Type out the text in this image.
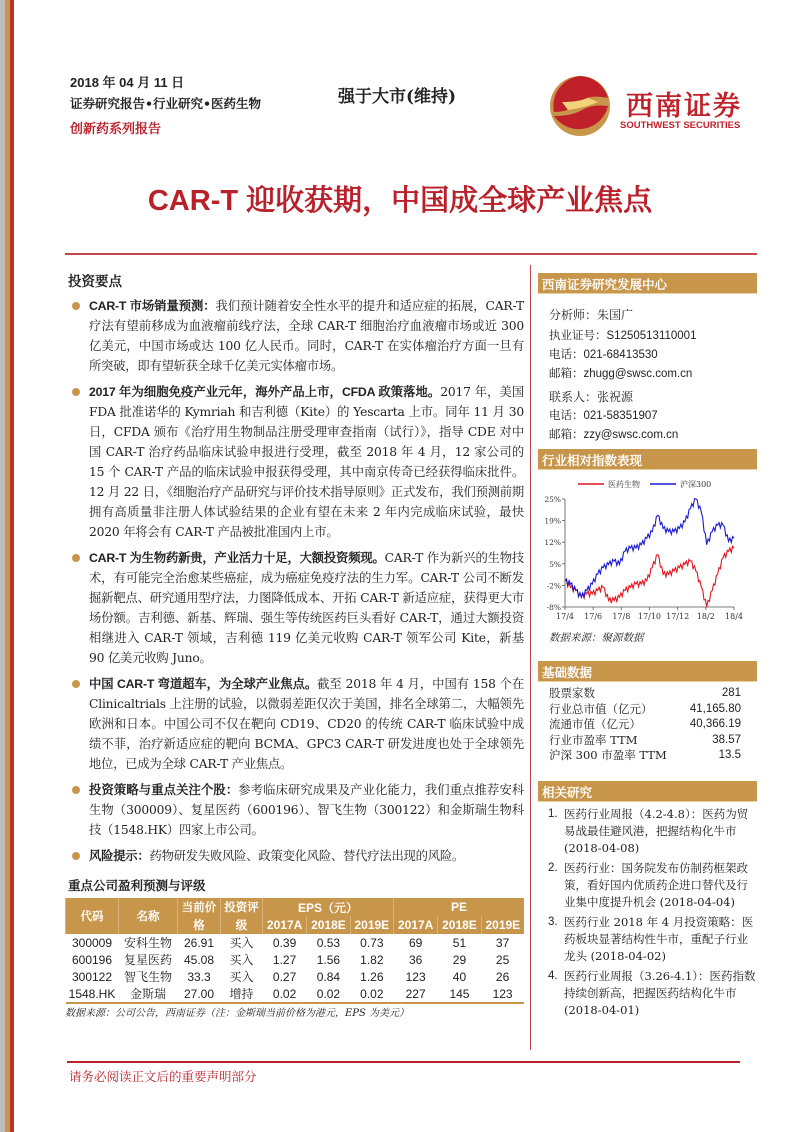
2018 年 04 月 11 日
证券研究报告•行业研究•医药生物
创新药系列报告
强于大市(维持)	西南证券
SOUTHWEST SECURITIES
CAR-T 迎收获期，中国成全球产业焦点
投资要点
CAR-T 市场销量预测：我们预计随着安全性水平的提升和适应症的拓展，CAR-T 疗法有望前移成为血液瘤前线疗法，全球 CAR-T 细胞治疗血液瘤市场或近 300 亿美元，中国市场或达 100 亿人民币。同时，CAR-T 在实体瘤治疗方面一旦有所突破，即有望斩获全球千亿美元实体瘤市场。
2017 年为细胞免疫产业元年，海外产品上市，CFDA 政策落地。2017 年，美国 FDA 批准诺华的 Kymriah 和吉利德（Kite）的 Yescarta 上市。同年 11 月 30 日，CFDA 颁布《治疗用生物制品注册受理审查指南（试行）》，指导 CDE 对中国 CAR-T 治疗药品临床试验申报进行受理，截至 2018 年 4 月，12 家公司的 15 个 CAR-T 产品的临床试验申报获得受理，其中南京传奇已经获得临床批件。12 月 22 日，《细胞治疗产品研究与评价技术指导原则》正式发布，我们预测前期拥有高质量非注册人体试验结果的企业有望在未来 2 年内完成临床试验，最快 2020 年将会有 CAR-T 产品被批准国内上市。
CAR-T 为生物药新贵，产业活力十足，大额投资频现。CAR-T 作为新兴的生物技术，有可能完全治愈某些癌症，成为癌症免疫疗法的生力军。CAR-T 公司不断发掘新靶点、研究通用型疗法，力图降低成本、开拓 CAR-T 新适应症，获得更大市场份额。吉利德、新基、辉瑞、强生等传统医药巨头看好 CAR-T，通过大额投资相继进入 CAR-T 领域，吉利德 119 亿美元收购 CAR-T 领军公司 Kite，新基 90 亿美元收购 Juno。
中国 CAR-T 弯道超车，为全球产业焦点。截至 2018 年 4 月，中国有 158 个在 Clinicaltrials 上注册的试验，以微弱差距仅次于美国，排名全球第二，大幅领先欧洲和日本。中国公司不仅在靶向 CD19、CD20 的传统 CAR-T 临床试验中成绩不菲，治疗新适应症的靶向 BCMA、GPC3 CAR-T 研发进度也处于全球领先地位，已成为全球 CAR-T 产业焦点。
投资策略与重点关注个股：参考临床研究成果及产业化能力，我们重点推荐安科生物（300009）、复星医药（600196）、智飞生物（300122）和金斯瑞生物科技（1548.HK）四家上市公司。
风险提示：药物研发失败风险、政策变化风险、替代疗法出现的风险。
重点公司盈利预测与评级
代码	名称	当前价格	投资评级	EPS（元）			PE		
				2017A	2018E	2019E	2017A	2018E	2019E
300009	安科生物	26.91	买入	0.39	0.53	0.73	69	51	37
600196	复星医药	45.08	买入	1.27	1.56	1.82	36	29	25
300122	智飞生物	33.3	买入	0.27	0.84	1.26	123	40	26
1548.HK	金斯瑞	27.00	增持	0.02	0.02	0.02	227	145	123
数据来源：公司公告，西南证券（注：金斯瑞当前价格为港元，EPS 为美元）
西南证券研究发展中心
分析师：朱国广
执业证号：S1250513110001
电话：021-68413530
邮箱：zhugg@swsc.com.cn
联系人：张祝源
电话：021-58351907
邮箱：zzy@swsc.com.cn
行业相对指数表现
25%
19%
12%
5%
-2%
-8%
17/4 17/6 17/8 17/10 17/12 18/2 18/4
医药生物	沪深300
数据来源：聚源数据
基础数据
股票家数	281
行业总市值（亿元）	41,165.80
流通市值（亿元）	40,366.19
行业市盈率 TTM	38.57
沪深 300 市盈率 TTM	13.5
相关研究
1. 医药行业周报（4.2-4.8）：医药为贸易战最佳避风港，把握结构化牛市 (2018-04-08)
2. 医药行业：国务院发布仿制药框架政策，看好国内优质药企进口替代及行业集中度提升机会 (2018-04-04)
3. 医药行业 2018 年 4 月投资策略：医药板块显著结构性牛市，重配子行业龙头 (2018-04-02)
4. 医药行业周报（3.26-4.1）：医药指数持续创新高，把握医药结构化牛市 (2018-04-01)
请务必阅读正文后的重要声明部分
